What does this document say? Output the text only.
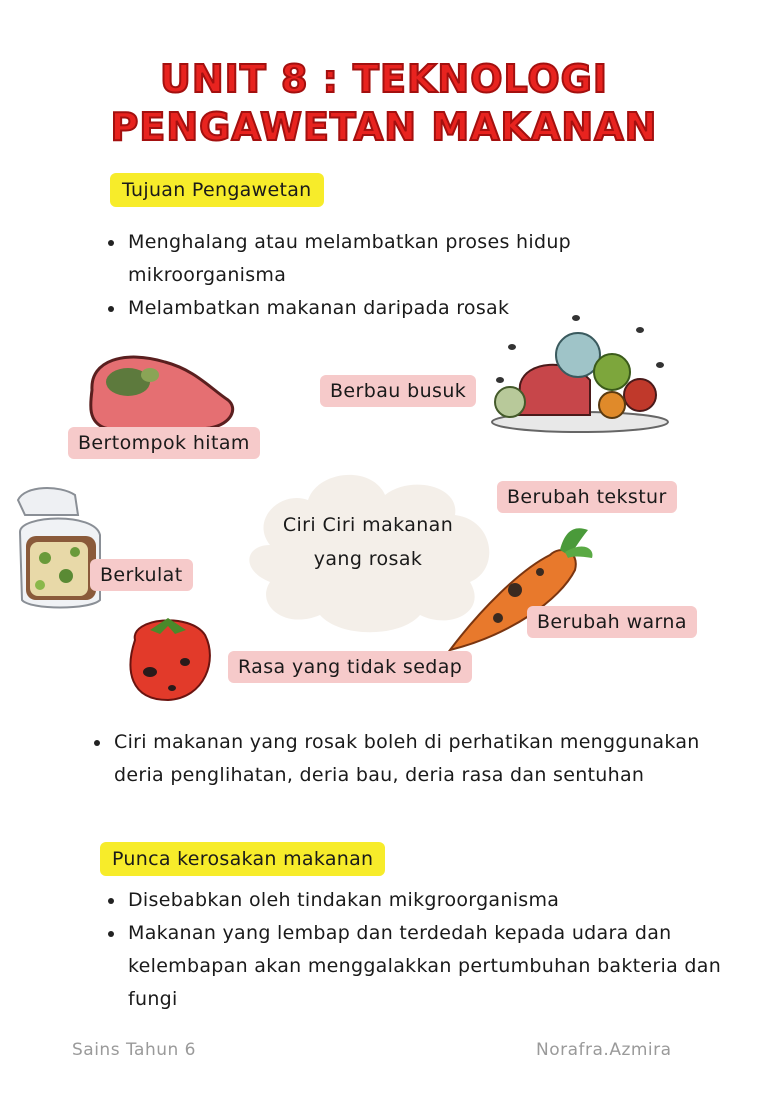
UNIT 8 : TEKNOLOGI
PENGAWETAN MAKANAN
Tujuan Pengawetan
Menghalang atau melambatkan proses hidup mikroorganisma
Melambatkan makanan daripada rosak
Berbau busuk
Bertompok hitam
Berubah tekstur
Berkulat
Berubah warna
Rasa yang tidak sedap
Ciri Ciri makanan
yang rosak
Ciri makanan yang rosak boleh di perhatikan menggunakan deria penglihatan, deria bau, deria rasa dan sentuhan
Punca kerosakan makanan
Disebabkan oleh tindakan mikgroorganisma
Makanan yang lembap dan terdedah kepada udara dan kelembapan akan menggalakkan pertumbuhan bakteria dan fungi
Sains Tahun 6	Norafra.Azmira
